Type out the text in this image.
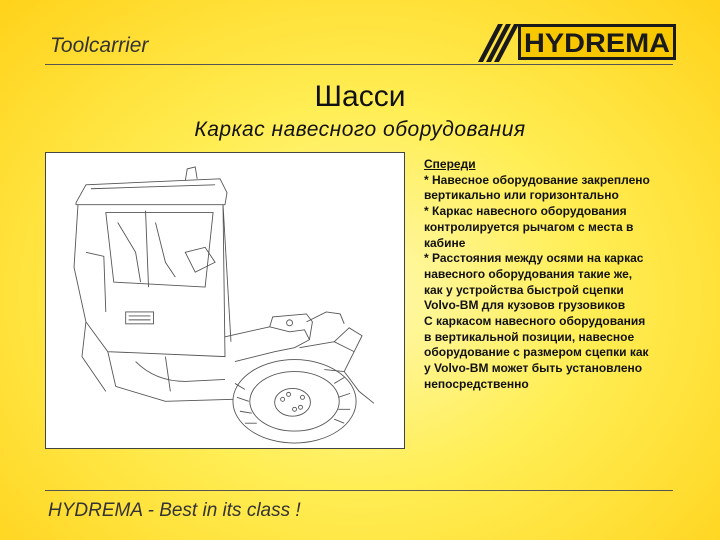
Toolcarrier	HYDREMA
Шасси
Каркас навесного оборудования
Спереди
* Навесное оборудование закреплено
вертикально или горизонтально
* Каркас навесного оборудования
контролируется рычагом с места в
кабине
* Расстояния между осями на каркас
навесного оборудования такие же,
как у устройства быстрой сцепки
Volvo-BM для кузовов грузовиков
С каркасом навесного оборудования
в вертикальной позиции, навесное
оборудование с размером сцепки как
у Volvo-BM может быть установлено
непосредственно
HYDREMA - Best in its class !
